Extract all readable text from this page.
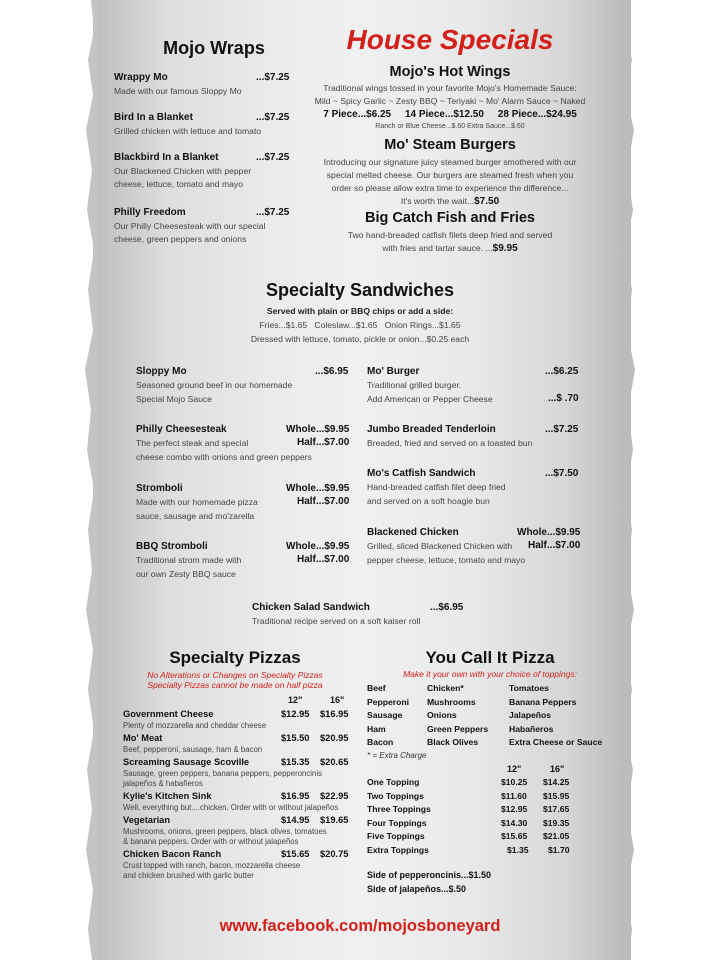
Mojo Wraps
Wrappy Mo	...$7.25
Made with our famous Sloppy Mo
Bird In a Blanket	...$7.25
Grilled chicken with lettuce and tomato
Blackbird In a Blanket	...$7.25
Our Blackened Chicken with pepper
cheese, lettuce, tomato and mayo
Philly Freedom	...$7.25
Our Philly Cheesesteak with our special
cheese, green peppers and onions
House Specials
Mojo's Hot Wings
Traditional wings tossed in your favorite Mojo's Homemade Sauce:
Mild ~ Spicy Garlic ~ Zesty BBQ ~ Teriyaki ~ Mo' Alarm Sauce ~ Naked
7 Piece...$6.25     14 Piece...$12.50     28 Piece...$24.95
Ranch or Blue Cheese...$.60 Extra Sauce...$.60
Mo' Steam Burgers
Introducing our signature juicy steamed burger smothered with our
special melted cheese. Our burgers are steamed fresh when you
order so please allow extra time to experience the difference...
It's worth the wait...$7.50
Big Catch Fish and Fries
Two hand-breaded catfish filets deep fried and served
with fries and tartar sauce. ...$9.95
Specialty Sandwiches
Served with plain or BBQ chips or add a side:
Fries...$1.65   Coleslaw...$1.65   Onion Rings...$1.65
Dressed with lettuce, tomato, pickle or onion...$0.25 each
Sloppy Mo	...$6.95
Seasoned ground beef in our homemade
Special Mojo Sauce
Philly Cheesesteak	Whole...$9.95
The perfect steak and special	Half...$7.00
cheese combo with onions and green peppers
Stromboli	Whole...$9.95
Made with our homemade pizza	Half...$7.00
sauce, sausage and mo'zarella
BBQ Stromboli	Whole...$9.95
Traditional strom made with	Half...$7.00
our own Zesty BBQ sauce
Mo' Burger	...$6.25
Traditional grilled burger.
Add American or Pepper Cheese	...$ .70
Jumbo Breaded Tenderloin	...$7.25
Breaded, fried and served on a toasted bun
Mo's Catfish Sandwich	...$7.50
Hand-breaded catfish filet deep fried
and served on a soft hoagie bun
Blackened Chicken	Whole...$9.95
Grilled, sliced Blackened Chicken with Half...$7.00
pepper cheese, lettuce, tomato and mayo
Chicken Salad Sandwich	...$6.95
Traditional recipe served on a soft kaiser roll
Specialty Pizzas
No Alterations or Changes on Specialty Pizzas
Specialty Pizzas cannot be made on half pizza
12"	16"
Government Cheese	$12.95 $16.95
Plenty of mozzarella and cheddar cheese
Mo' Meat	$15.50 $20.95
Beef, pepperoni, sausage, ham & bacon
Screaming Sausage Scoville	$15.35 $20.65
Sausage, green peppers, banana peppers, pepperoncinis
jalapeños & habañeros
Kylie's Kitchen Sink	$16.95 $22.95
Well, everything but....chicken. Order with or without jalapeños
Vegetarian	$14.95 $19.65
Mushrooms, onions, green peppers, black olives, tomatoes
& banana peppers. Order with or without jalapeños
Chicken Bacon Ranch	$15.65 $20.75
Crust topped with ranch, bacon, mozzarella cheese
and chicken brushed with garlic butter
You Call It Pizza
Make it your own with your choice of toppings:
Beef	Chicken*	Tomatoes
Pepperoni	Mushrooms	Banana Peppers
Sausage	Onions	Jalapeños
Ham	Green Peppers	Habañeros
Bacon	Black Olives	Extra Cheese or Sauce
* = Extra Charge
12"	16"
One Topping	$10.25	$14.25
Two Toppings	$11.60	$15.95
Three Toppings	$12.95	$17.65
Four Toppings	$14.30	$19.35
Five Toppings	$15.65	$21.05
Extra Toppings	$1.35	$1.70
Side of pepperoncinis...$1.50
Side of jalapeños...$.50
www.facebook.com/mojosboneyard
